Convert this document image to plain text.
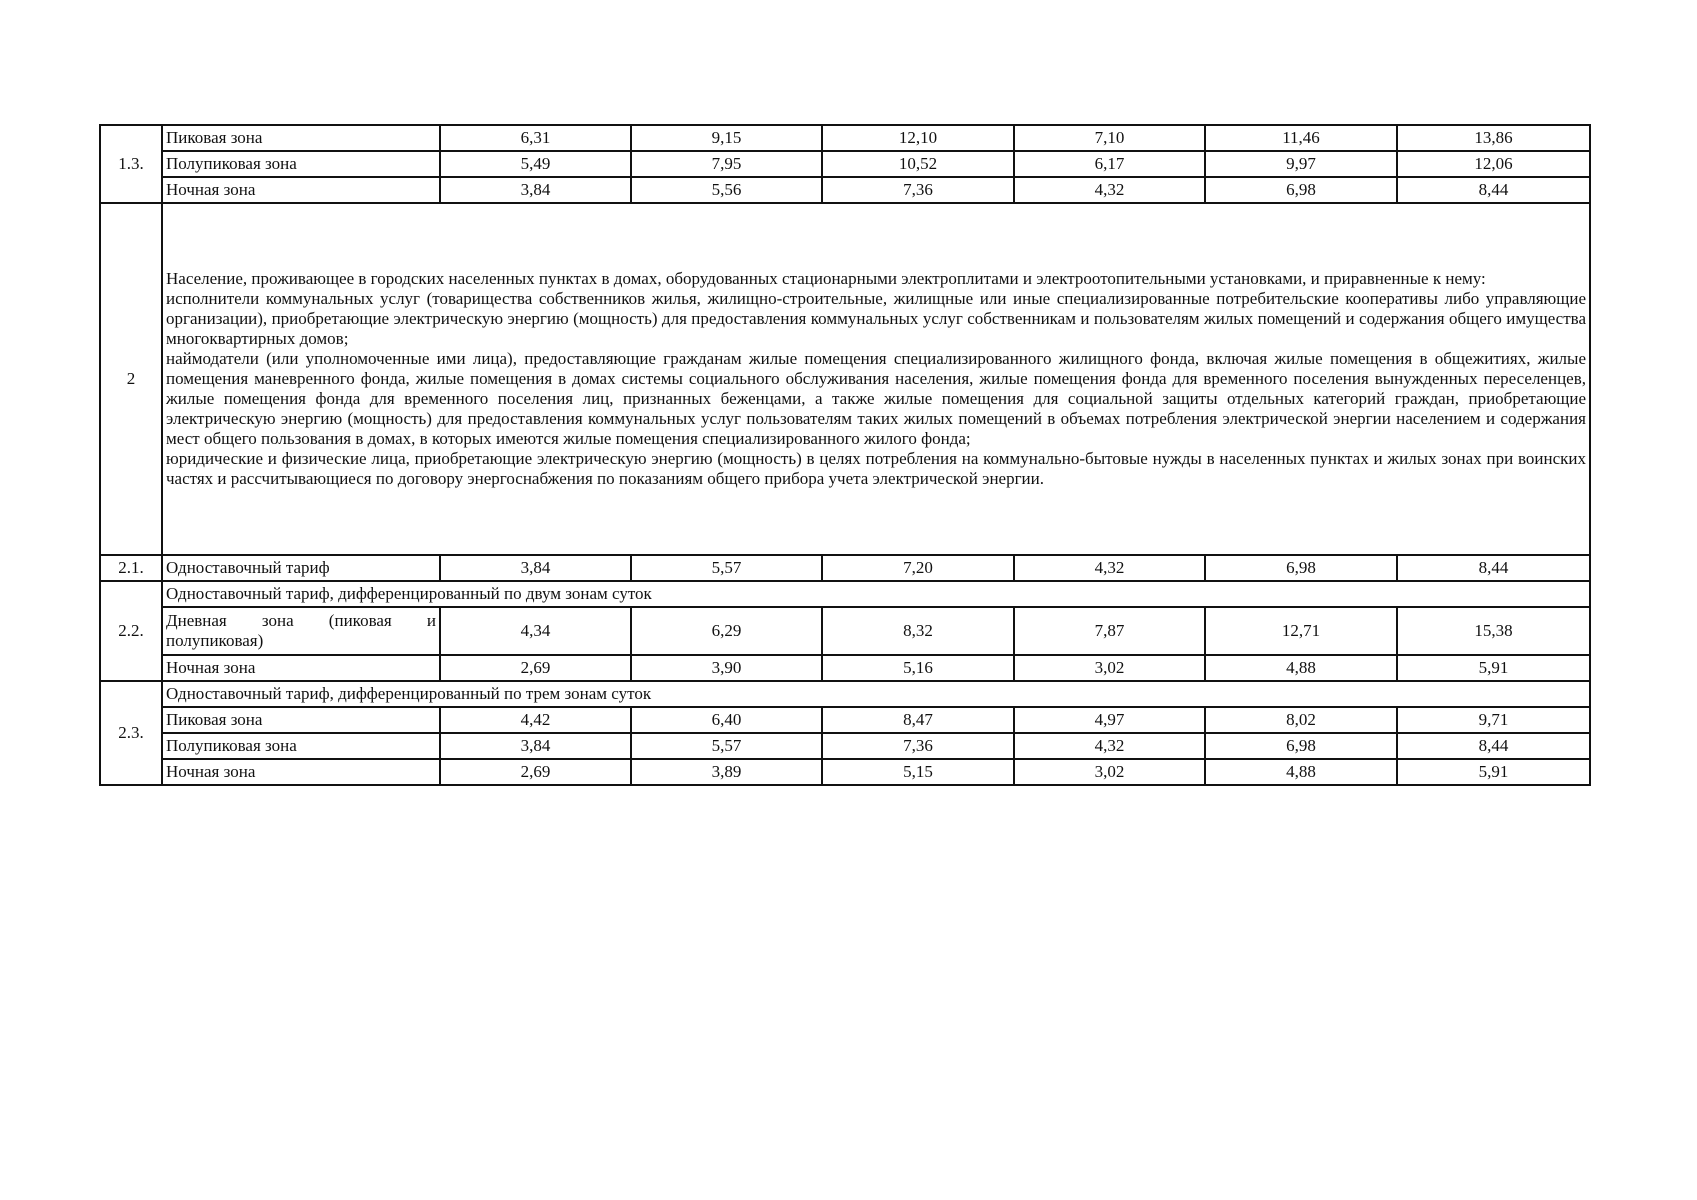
1.3.	Пиковая зона	6,31	9,15	12,10	7,10	11,46	13,86
	Полупиковая зона	5,49	7,95	10,52	6,17	9,97	12,06
	Ночная зона	3,84	5,56	7,36	4,32	6,98	8,44
2	Население, проживающее в городских населенных пунктах в домах, оборудованных стационарными электроплитами и электроотопительными установками, и приравненные к нему:

исполнители коммунальных услуг (товарищества собственников жилья, жилищно-строительные, жилищные или иные специализированные потребительские кооперативы либо управляющие организации), приобретающие электрическую энергию (мощность) для предоставления коммунальных услуг собственникам и пользователям жилых помещений и содержания общего имущества многоквартирных домов;

наймодатели (или уполномоченные ими лица), предоставляющие гражданам жилые помещения специализированного жилищного фонда, включая жилые помещения в общежитиях, жилые помещения маневренного фонда, жилые помещения в домах системы социального обслуживания населения, жилые помещения фонда для временного поселения вынужденных переселенцев, жилые помещения фонда для временного поселения лиц, признанных беженцами, а также жилые помещения для социальной защиты отдельных категорий граждан, приобретающие электрическую энергию (мощность) для предоставления коммунальных услуг пользователям таких жилых помещений в объемах потребления электрической энергии населением и содержания мест общего пользования в домах, в которых имеются жилые помещения специализированного жилого фонда;

юридические и физические лица, приобретающие электрическую энергию (мощность) в целях потребления на коммунально-бытовые нужды в населенных пунктах и жилых зонах при воинских частях и рассчитывающиеся по договору энергоснабжения по показаниям общего прибора учета электрической энергии.						

2.1.	Одноставочный тариф	3,84	5,57	7,20	4,32	6,98	8,44
2.2.	Одноставочный тариф, дифференцированный по двум зонам суток						
	Дневная зона (пиковая и полупиковая)	4,34	6,29	8,32	7,87	12,71	15,38
	Ночная зона	2,69	3,90	5,16	3,02	4,88	5,91
2.3.	Одноставочный тариф, дифференцированный по трем зонам суток						
	Пиковая зона	4,42	6,40	8,47	4,97	8,02	9,71
	Полупиковая зона	3,84	5,57	7,36	4,32	6,98	8,44
	Ночная зона	2,69	3,89	5,15	3,02	4,88	5,91
